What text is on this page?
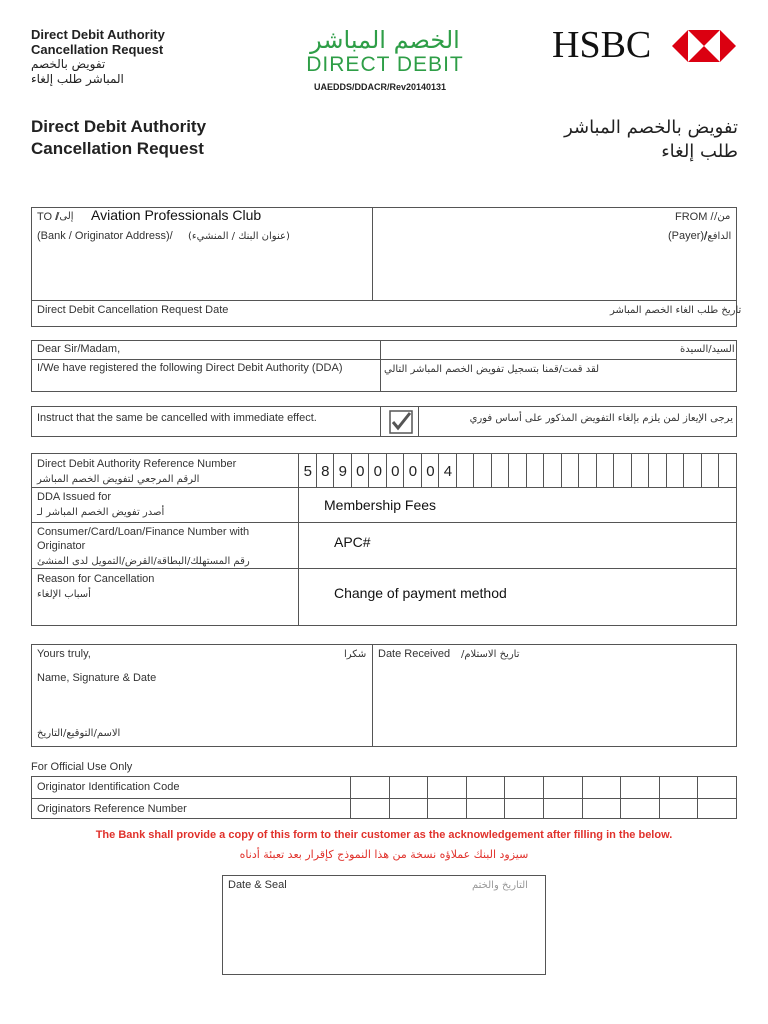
Direct Debit Authority
Cancellation Request
تفويض بالخصم
المباشر طلب إلغاء
الخصم المباشر
DIRECT DEBIT
UAEDDS/DDACR/Rev20140131
HSBC
Direct Debit Authority
Cancellation Request
تفويض بالخصم المباشر
طلب إلغاء
TO /
إلى/ Aviation Professionals Club
(Bank / Originator Address)/ (عنوان البنك / المنشيء)
FROM / من/
(Payer)/
الدافع/
Direct Debit Cancellation Request Date	تاريخ طلب الغاء الخصم المباشر
Dear Sir/Madam,	السيد/السيدة
I/We have registered the following Direct Debit Authority (DDA)	لقد قمت/قمنا بتسجيل تفويض الخصم المباشر التالي
Instruct that the same be cancelled with immediate effect.	يرجى الإيعاز لمن يلزم بإلغاء التفويض المذكور على أساس فوري
Direct Debit Authority Reference Number
الرقم المرجعي لتفويض الخصم المباشر	5 8 9 0 0 0 0 0 4
DDA Issued for
أصدر تفويض الخصم المباشر لـ	Membership Fees
Consumer/Card/Loan/Finance Number with
Originator
رقم المستهلك/البطاقة/القرض/التمويل لدى المنشئ
APC#
Reason for Cancellation
أسباب الإلغاء	Change of payment method
Yours truly,	شكرا
Name, Signature & Date
الاسم/التوقيع/التاريخ
Date Received تاريخ الاستلام/
For Official Use Only
Originator Identification Code
Originators Reference Number
The Bank shall provide a copy of this form to their customer as the acknowledgement after filling in the below.
سيزود البنك عملاؤه نسخة من هذا النموذج كإقرار بعد تعبئة أدناه
Date & Seal	التاريخ والختم
